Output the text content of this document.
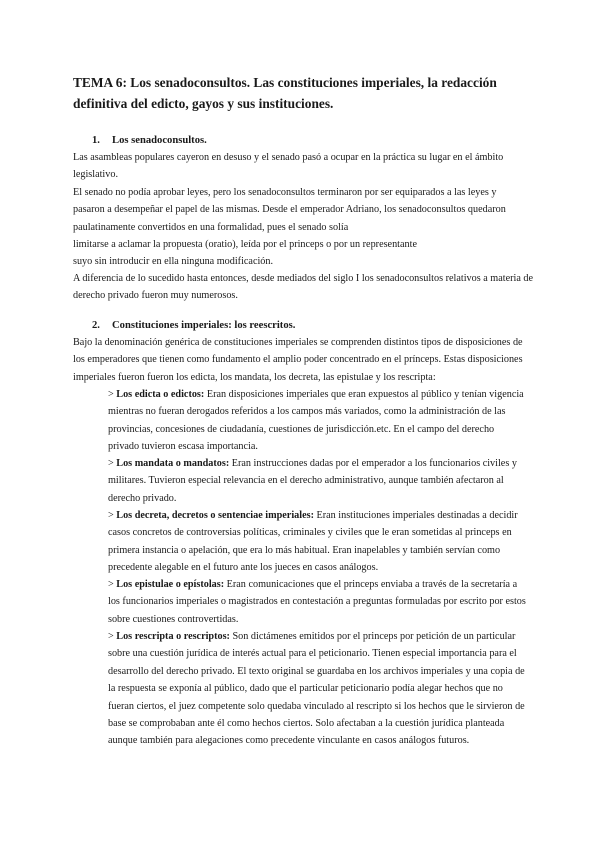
TEMA 6: Los senadoconsultos. Las constituciones imperiales, la redacción definitiva del edicto, gayos y sus instituciones.
1. Los senadoconsultos.
Las asambleas populares cayeron en desuso y el senado pasó a ocupar en la práctica su lugar en el ámbito legislativo.
El senado no podía aprobar leyes, pero los senadoconsultos terminaron por ser equiparados a las leyes y pasaron a desempeñar el papel de las mismas. Desde el emperador Adriano, los senadoconsultos quedaron paulatinamente convertidos en una formalidad, pues el senado solía
limitarse a aclamar la propuesta (oratio), leída por el princeps o por un representante suyo sin introducir en ella ninguna modificación.
A diferencia de lo sucedido hasta entonces, desde mediados del siglo I los senadoconsultos relativos a materia de derecho privado fueron muy numerosos.
2. Constituciones imperiales: los reescritos.
Bajo la denominación genérica de constituciones imperiales se comprenden distintos tipos de disposiciones de los emperadores que tienen como fundamento el amplio poder concentrado en el prínceps. Estas disposiciones imperiales fueron fueron los edicta, los mandata, los decreta, las epistulae y los rescripta:
> Los edicta o edictos: Eran disposiciones imperiales que eran expuestos al público y tenían vigencia mientras no fueran derogados referidos a los campos más variados, como la administración de las provincias, concesiones de ciudadanía, cuestiones de jurisdicción.etc. En el campo del derecho privado tuvieron escasa importancia.
> Los mandata o mandatos: Eran instrucciones dadas por el emperador a los funcionarios civiles y militares. Tuvieron especial relevancia en el derecho administrativo, aunque también afectaron al derecho privado.
> Los decreta, decretos o sentenciae imperiales: Eran instituciones imperiales destinadas a decidir casos concretos de controversias políticas, criminales y civiles que le eran sometidas al princeps en primera instancia o apelación, que era lo más habitual. Eran inapelables y también servían como precedente alegable en el futuro ante los jueces en casos análogos.
> Los epistulae o epístolas: Eran comunicaciones que el princeps enviaba a través de la secretaría a los funcionarios imperiales o magistrados en contestación a preguntas formuladas por escrito por estos sobre cuestiones controvertidas.
> Los rescripta o rescriptos: Son dictámenes emitidos por el princeps por petición de un particular sobre una cuestión jurídica de interés actual para el peticionario. Tienen especial importancia para el desarrollo del derecho privado. El texto original se guardaba en los archivos imperiales y una copia de la respuesta se exponía al público, dado que el particular peticionario podía alegar hechos que no fueran ciertos, el juez competente solo quedaba vinculado al rescripto si los hechos que le sirvieron de base se comprobaban ante él como hechos ciertos. Solo afectaban a la cuestión jurídica planteada aunque también para alegaciones como precedente vinculante en casos análogos futuros.
